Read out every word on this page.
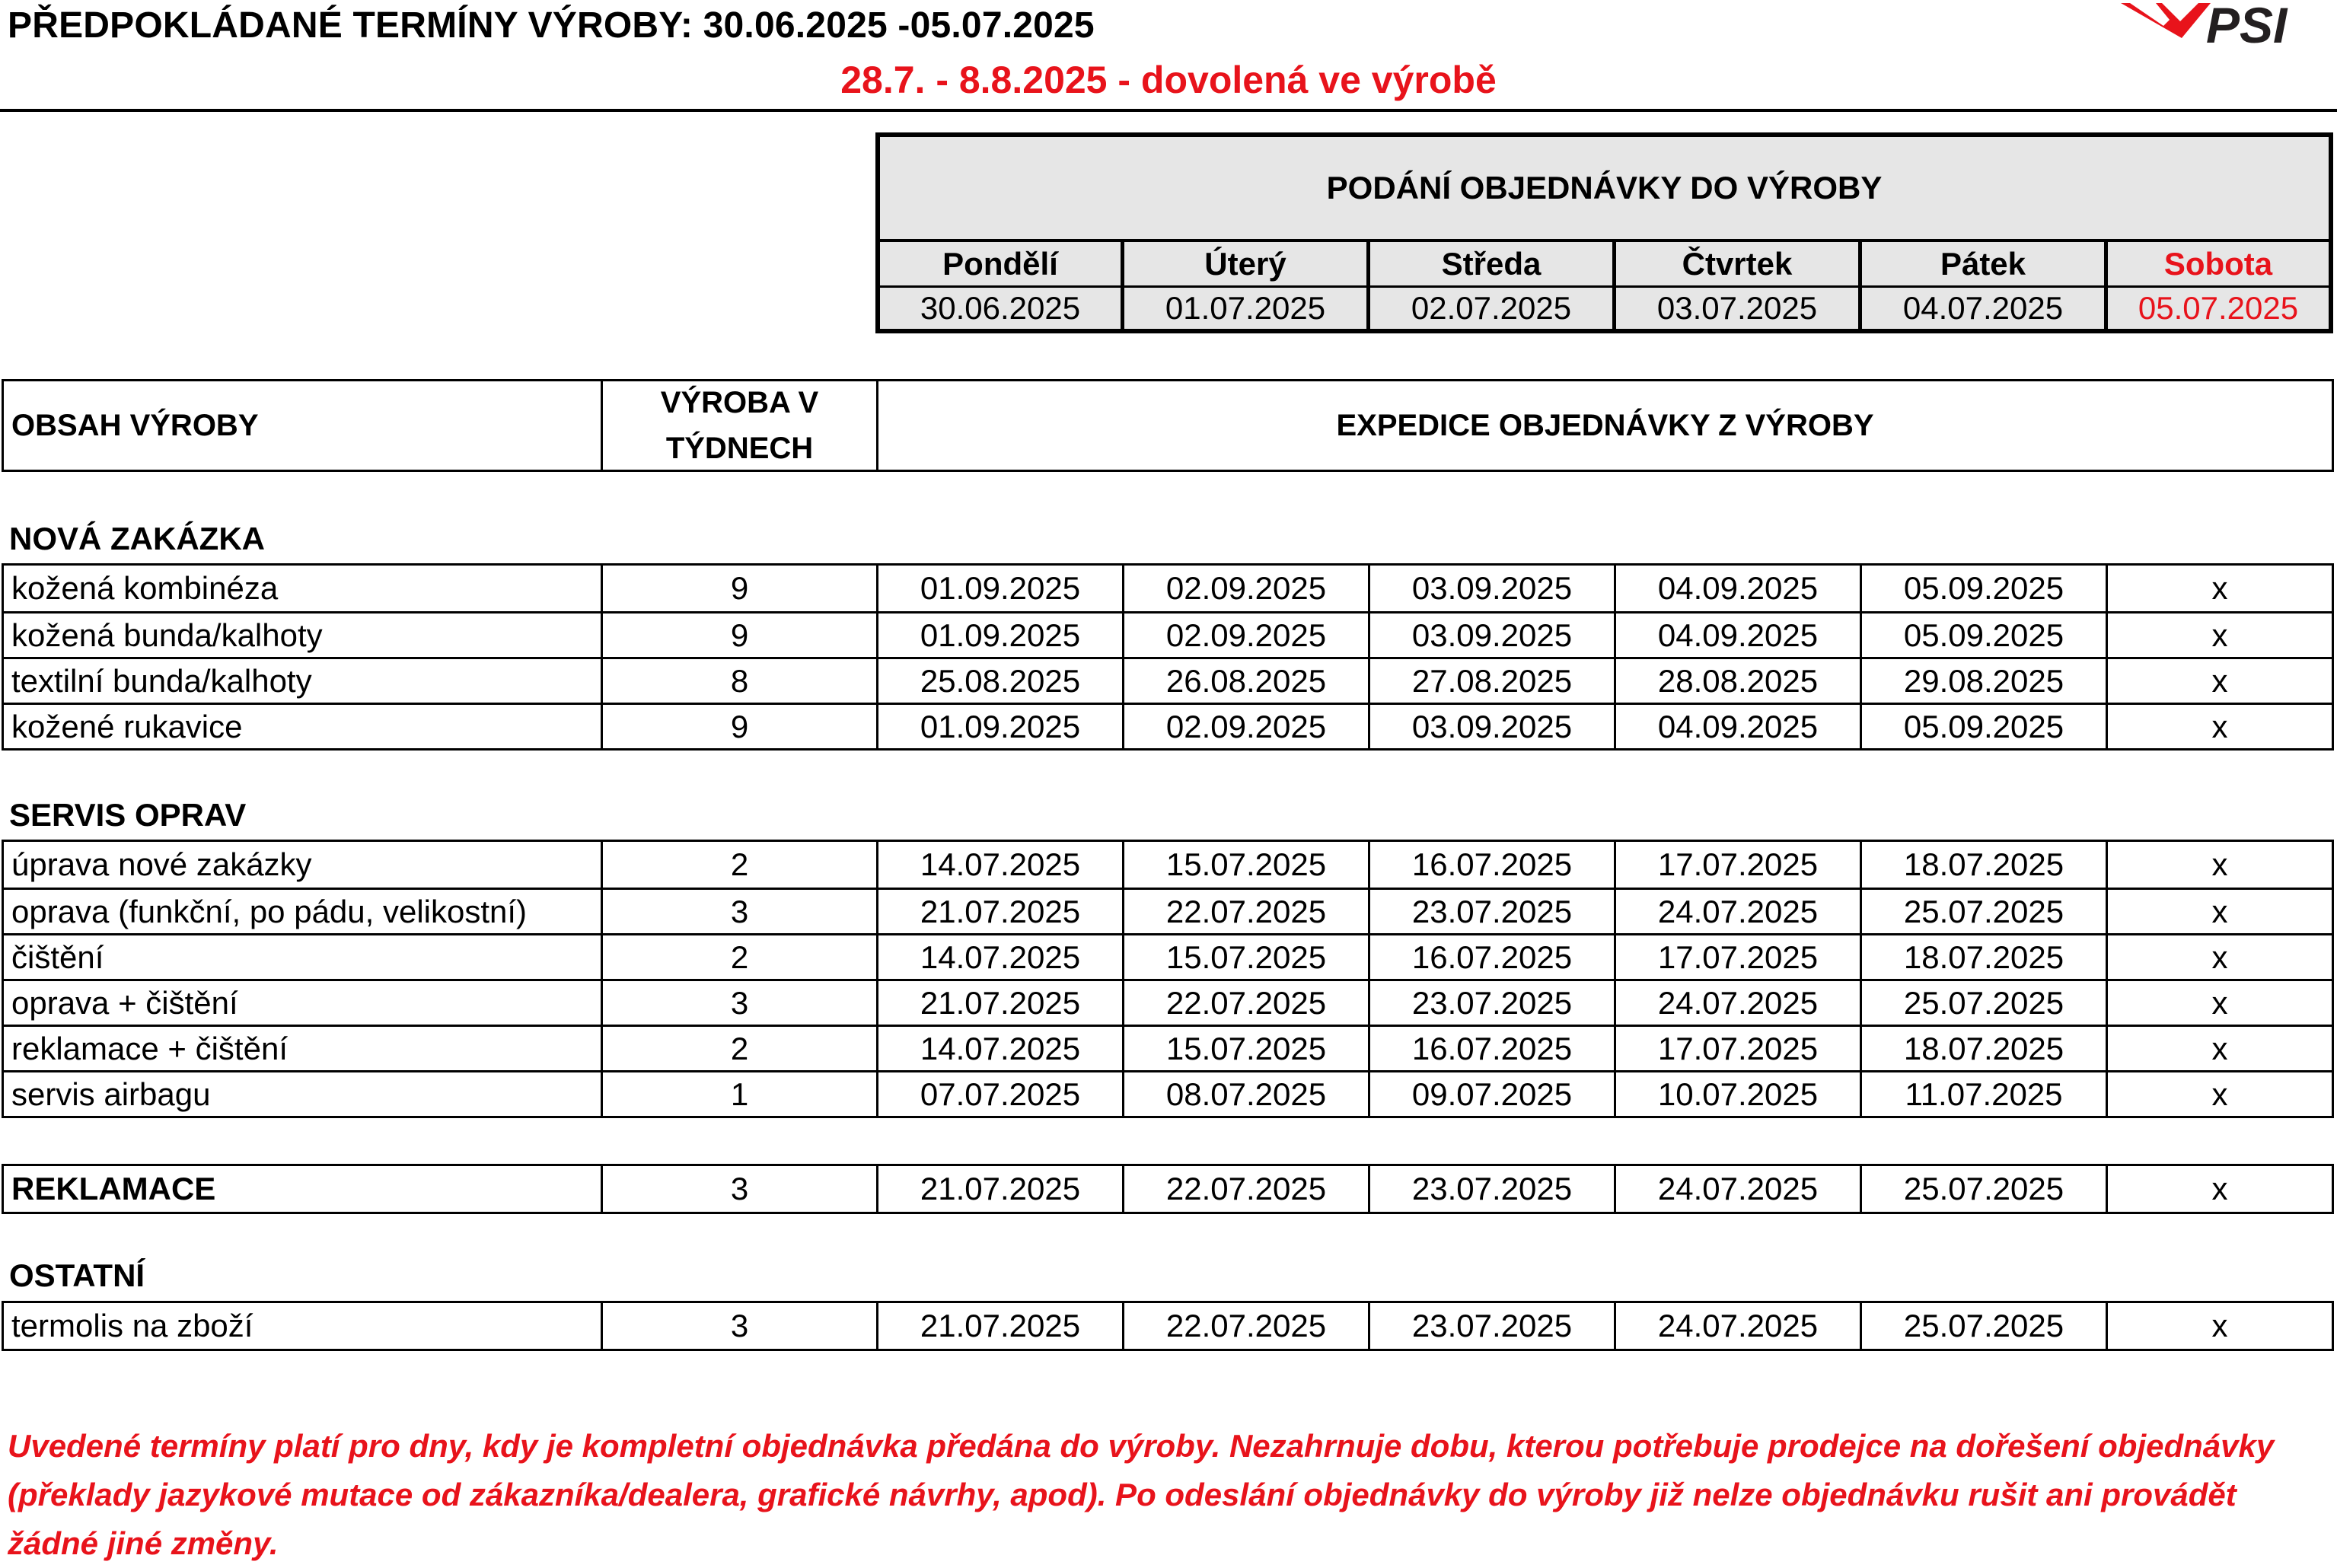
PŘEDPOKLÁDANÉ TERMÍNY VÝROBY: 30.06.2025 -05.07.2025
28.7. - 8.8.2025 - dovolená ve výrobě
PSI
PODÁNÍ OBJEDNÁVKY DO VÝROBY
Pondělí	Úterý	Středa	Čtvrtek	Pátek	Sobota
30.06.2025	01.07.2025	02.07.2025	03.07.2025	04.07.2025	05.07.2025
OBSAH VÝROBY
VÝROBA V
TÝDNECH
EXPEDICE OBJEDNÁVKY Z VÝROBY
NOVÁ ZAKÁZKA
kožená kombinéza	9	01.09.2025	02.09.2025	03.09.2025	04.09.2025	05.09.2025	x
kožená bunda/kalhoty	9	01.09.2025	02.09.2025	03.09.2025	04.09.2025	05.09.2025	x
textilní bunda/kalhoty	8	25.08.2025	26.08.2025	27.08.2025	28.08.2025	29.08.2025	x
kožené rukavice	9	01.09.2025	02.09.2025	03.09.2025	04.09.2025	05.09.2025	x
SERVIS OPRAV
úprava nové zakázky	2	14.07.2025	15.07.2025	16.07.2025	17.07.2025	18.07.2025	x
oprava (funkční, po pádu, velikostní)	3	21.07.2025	22.07.2025	23.07.2025	24.07.2025	25.07.2025	x
čištění	2	14.07.2025	15.07.2025	16.07.2025	17.07.2025	18.07.2025	x
oprava + čištění	3	21.07.2025	22.07.2025	23.07.2025	24.07.2025	25.07.2025	x
reklamace + čištění	2	14.07.2025	15.07.2025	16.07.2025	17.07.2025	18.07.2025	x
servis airbagu	1	07.07.2025	08.07.2025	09.07.2025	10.07.2025	11.07.2025	x
REKLAMACE	3	21.07.2025	22.07.2025	23.07.2025	24.07.2025	25.07.2025	x
OSTATNÍ
termolis na zboží	3	21.07.2025	22.07.2025	23.07.2025	24.07.2025	25.07.2025	x
Uvedené termíny platí pro dny, kdy je kompletní objednávka předána do výroby. Nezahrnuje dobu, kterou potřebuje prodejce na dořešení objednávky (překlady jazykové mutace od zákazníka/dealera, grafické návrhy, apod). Po odeslání objednávky do výroby již nelze objednávku rušit ani provádět žádné jiné změny.
